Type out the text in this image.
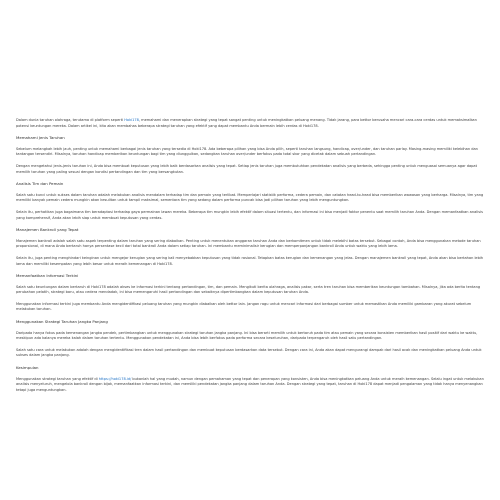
Dalam dunia taruhan olahraga, terutama di platform seperti Hoki178, memahami dan menerapkan strategi yang tepat sangat penting untuk meningkatkan peluang menang. Tidak jarang, para bettor berusaha mencari cara-cara cerdas untuk memaksimalkan potensi keuntungan mereka. Dalam artikel ini, kita akan membahas beberapa strategi taruhan yang efektif yang dapat membantu Anda bermain lebih cerdas di Hoki178.

Memahami Jenis Taruhan

Sebelum melangkah lebih jauh, penting untuk memahami berbagai jenis taruhan yang tersedia di Hoki178. Ada beberapa pilihan yang bisa Anda pilih, seperti taruhan langsung, handicap, over/under, dan taruhan parlay. Masing-masing memiliki kelebihan dan tantangan tersendiri. Misalnya, taruhan handicap memberikan keuntungan bagi tim yang diunggulkan, sedangkan taruhan over/under berfokus pada total skor yang dicetak dalam sebuah pertandingan.

Dengan mengetahui jenis-jenis taruhan ini, Anda bisa membuat keputusan yang lebih baik berdasarkan analisis yang tepat. Setiap jenis taruhan juga membutuhkan pendekatan analisis yang berbeda, sehingga penting untuk menguasai semuanya agar dapat memilih taruhan yang paling sesuai dengan kondisi pertandingan dan tim yang bersangkutan.

Analisis Tim dan Pemain

Salah satu kunci untuk sukses dalam taruhan adalah melakukan analisis mendalam terhadap tim dan pemain yang terlibat. Memperlajari statistik performa, cedera pemain, dan catatan head-to-head bisa memberikan wawasan yang berharga. Misalnya, tim yang memiliki banyak pemain cedera mungkin akan kesulitan untuk tampil maksimal, sementara tim yang sedang dalam performa puncak bisa jadi pilihan taruhan yang lebih menguntungkan.

Selain itu, perhatikan juga bagaimana tim beradaptasi terhadap gaya permainan lawan mereka. Beberapa tim mungkin lebih efektif dalam situasi tertentu, dan informasi ini bisa menjadi faktor penentu saat memilih taruhan Anda. Dengan memanfaatkan analisis yang komprehensif, Anda akan lebih siap untuk membuat keputusan yang cerdas.

Manajemen Bankroll yang Tepat

Manajemen bankroll adalah salah satu aspek terpenting dalam taruhan yang sering diabaikan. Penting untuk menentukan anggaran taruhan Anda dan berkomitmen untuk tidak melebihi batas tersebut. Sebagai contoh, Anda bisa menggunakan metode taruhan proporsional, di mana Anda bertaruh hanya persentase kecil dari total bankroll Anda dalam setiap taruhan. Ini membantu meminimalisir kerugian dan memperpanjangan bankroll Anda untuk waktu yang lebih lama.

Selain itu, juga penting menghindari keinginan untuk mengejar kerugian yang sering kali menyebabkan keputusan yang tidak rasional. Tetapkan batas kerugian dan kemenangan yang jelas. Dengan manajemen bankroll yang tepat, Anda akan bisa bertahan lebih lama dan memiliki kesempatan yang lebih besar untuk meraih kemenangan di Hoki178.

Memanfaatkan Informasi Terkini

Salah satu keuntungan dalam bertaruh di Hoki178 adalah akses ke informasi terkini tentang pertandingan, tim, dan pemain. Mengikuti berita olahraga, analisis pakar, serta tren taruhan bisa memberikan keuntungan tambahan. Misalnya, jika ada berita tentang perubahan pelatih, strategi baru, atau cedera mendadak, ini bisa memengaruhi hasil pertandingan dan sebaiknya dipertimbangkan dalam keputusan taruhan Anda.

Menggunakan informasi terkini juga membantu Anda mengidentifikasi peluang taruhan yang mungkin diabaikan oleh bettor lain. Jangan ragu untuk mencari informasi dari berbagai sumber untuk memastikan Anda memiliki gambaran yang akurat sebelum melakukan taruhan.

Menggunakan Strategi Taruhan Jangka Panjang

Daripada hanya fokus pada kemenangan jangka pendek, pertimbangkan untuk menggunakan strategi taruhan jangka panjang. Ini bisa berarti memilih untuk bertaruh pada tim atau pemain yang secara konsisten memberikan hasil positif dari waktu ke waktu, meskipun ada kalanya mereka kalah dalam taruhan tertentu. Menggunakan pendekatan ini, Anda bisa lebih berfokus pada performa secara keseluruhan, daripada terpengaruh oleh hasil satu pertandingan.

Salah satu cara untuk melakukan adalah dengan mengidentifikasi tren dalam hasil pertandingan dan membuat keputusan berdasarkan data tersebut. Dengan cara ini, Anda akan dapat mengurangi dampak dari hasil acak dan meningkatkan peluang Anda untuk sukses dalam jangka panjang.

Kesimpulan

Menggunakan strategi taruhan yang efektif di https://hoki178.id/ bukanlah hal yang mudah, namun dengan pemahaman yang tepat dan penerapan yang konsisten, Anda bisa meningkatkan peluang Anda untuk meraih kemenangan. Selalu ingat untuk melakukan analisis menyeluruh, mengelola bankroll dengan bijak, memanfaatkan informasi terkini, dan memiliki pendekatan jangka panjang dalam taruhan Anda. Dengan strategi yang tepat, taruhan di Hoki178 dapat menjadi pengalaman yang tidak hanya menyenangkan tetapi juga menguntungkan.
